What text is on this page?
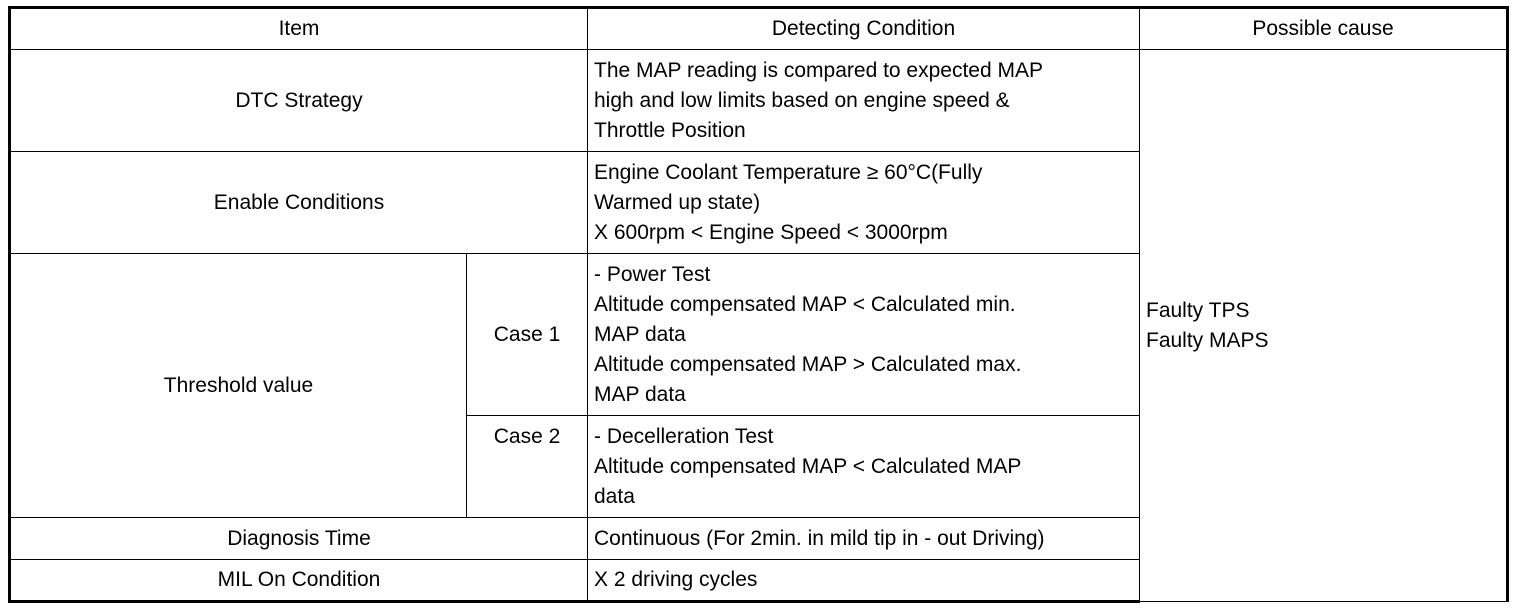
Item		Detecting Condition	Possible cause
DTC Strategy		The MAP reading is compared to expected MAP
high and low limits based on engine speed &
Throttle Position	Faulty TPS
Faulty MAPS

Enable Conditions		Engine Coolant Temperature ≥ 60°C(Fully
Warmed up state)
X 600rpm < Engine Speed < 3000rpm	

Threshold value	Case 1	- Power Test
Altitude compensated MAP < Calculated min.
MAP data
Altitude compensated MAP > Calculated max.
MAP data	

	Case 2	- Decelleration Test
Altitude compensated MAP < Calculated MAP
data	

Diagnosis Time		Continuous (For 2min. in mild tip in - out Driving)	
MIL On Condition		X 2 driving cycles	
